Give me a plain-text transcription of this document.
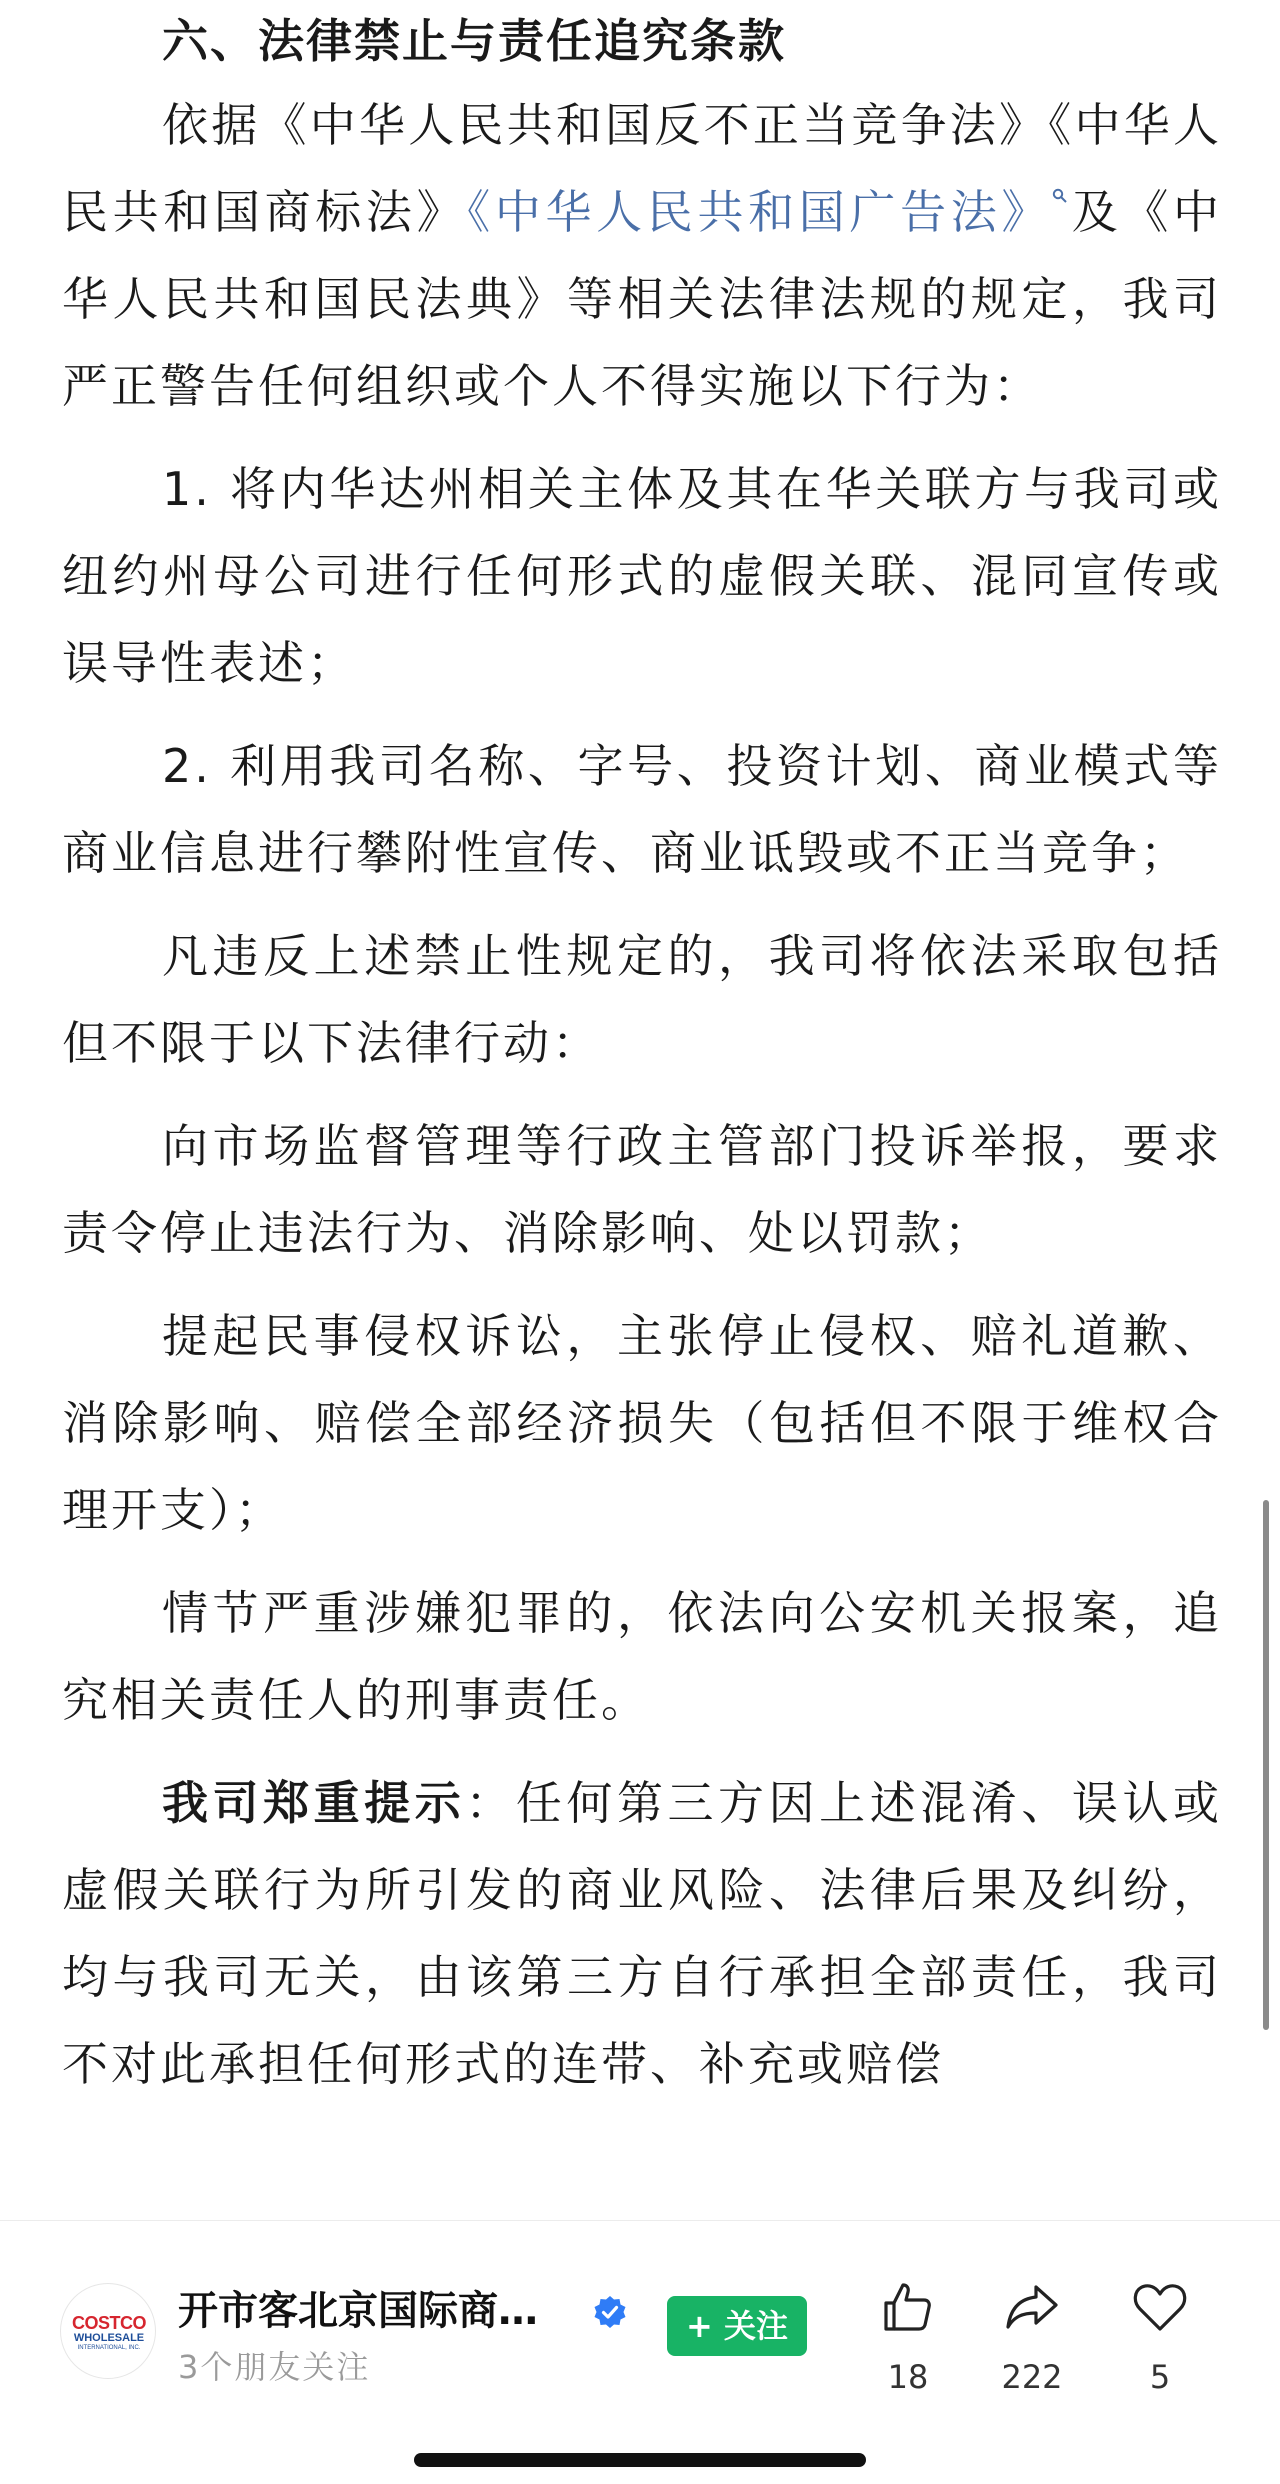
六、法律禁止与责任追究条款

依据《中华人民共和国反不正当竞争法》《中华人民共和国商标法》《中华人民共和国广告法》 及《中华人民共和国民法典》等相关法律法规的规定，我司严正警告任何组织或个人不得实施以下行为：

1. 将内华达州相关主体及其在华关联方与我司或纽约州母公司进行任何形式的虚假关联、混同宣传或误导性表述；

2. 利用我司名称、字号、投资计划、商业模式等商业信息进行攀附性宣传、商业诋毁或不正当竞争；

凡违反上述禁止性规定的，我司将依法采取包括但不限于以下法律行动：

向市场监督管理等行政主管部门投诉举报，要求责令停止违法行为、消除影响、处以罚款；

提起民事侵权诉讼，主张停止侵权、赔礼道歉、消除影响、赔偿全部经济损失（包括但不限于维权合理开支）；

情节严重涉嫌犯罪的，依法向公安机关报案，追究相关责任人的刑事责任。

我司郑重提示：任何第三方因上述混淆、误认或虚假关联行为所引发的商业风险、法律后果及纠纷，均与我司无关，由该第三方自行承担全部责任，我司不对此承担任何形式的连带、补充或赔偿

COSTCO
WHOLESALE
INTERNATIONAL, INC.
开市客北京国际商…
3个朋友关注
+ 关注
18	222	5
